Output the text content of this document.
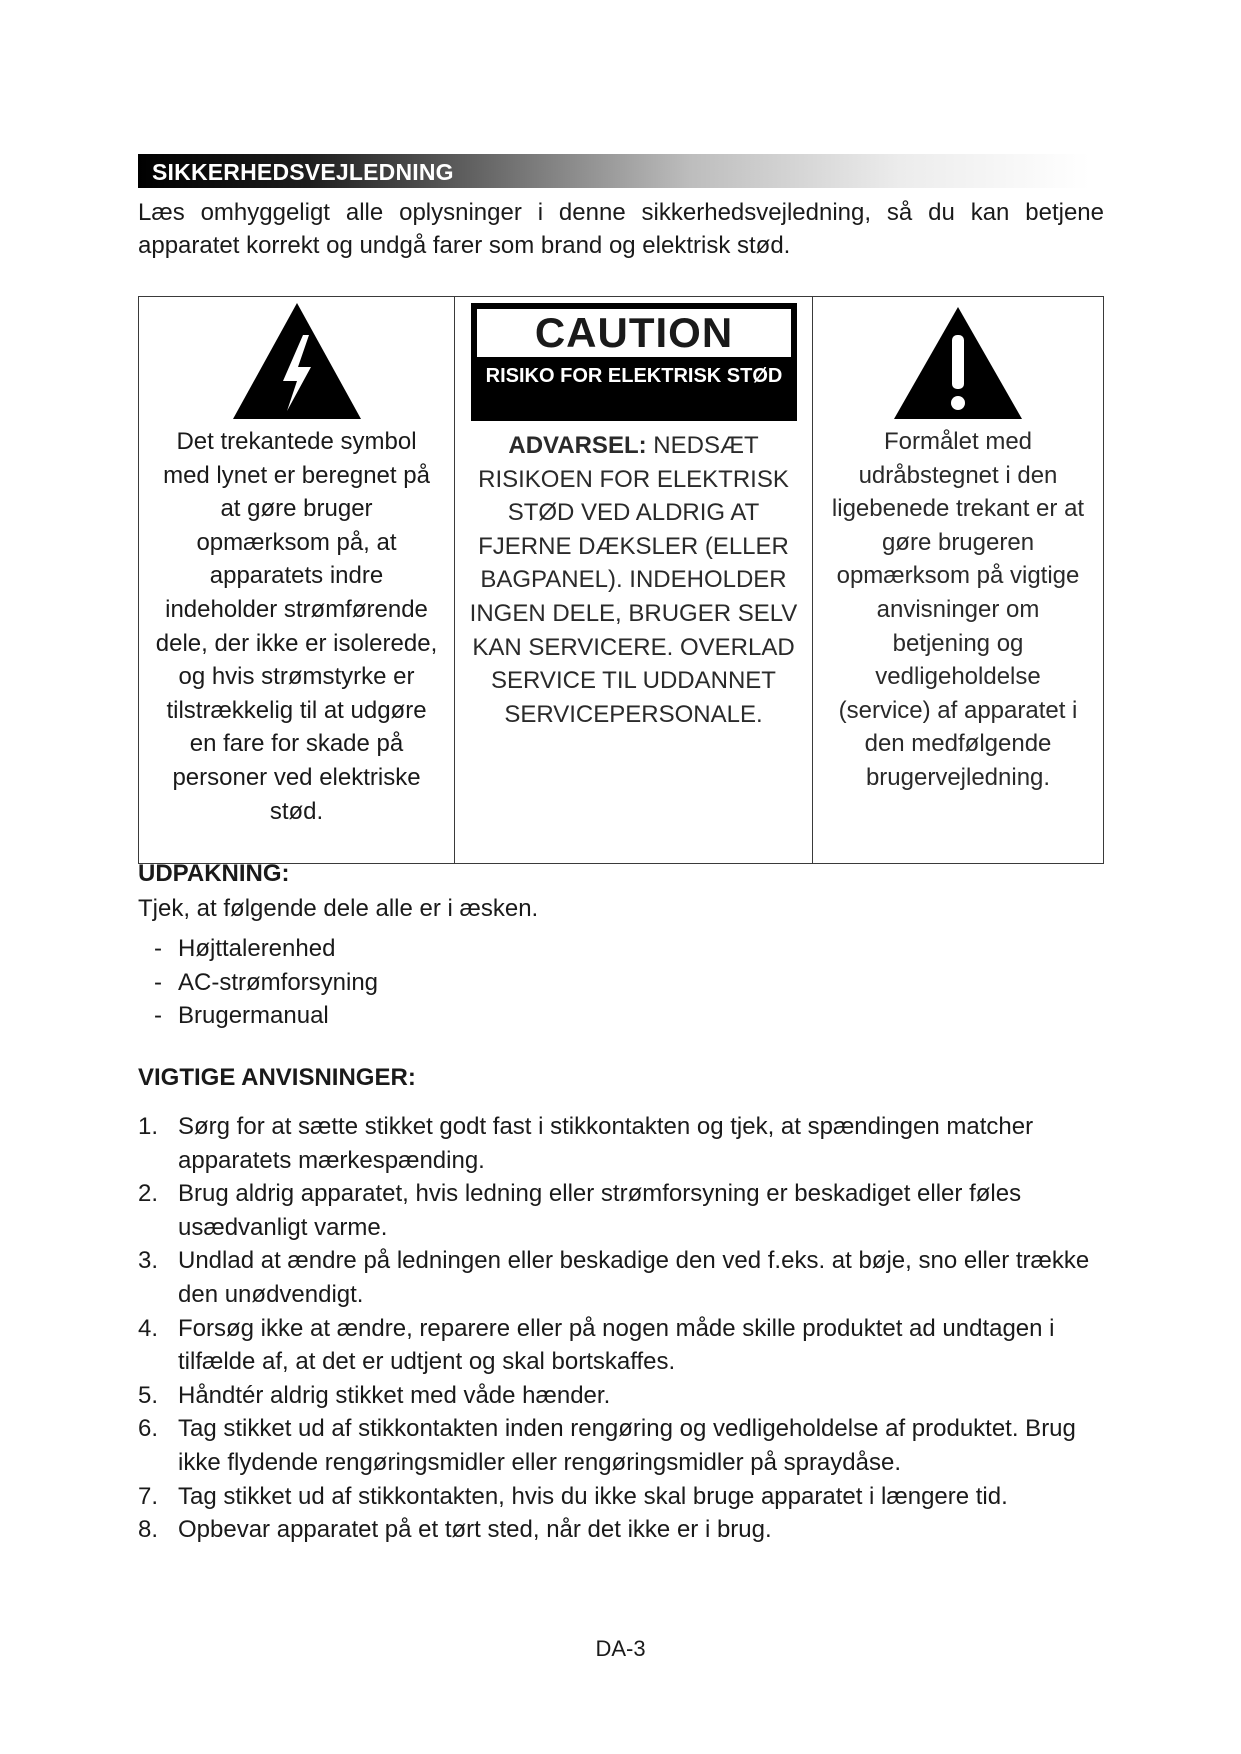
SIKKERHEDSVEJLEDNING
Læs omhyggeligt alle oplysninger i denne sikkerhedsvejledning, så du kan betjene apparatet korrekt og undgå farer som brand og elektrisk stød.
Det trekantede symbol med lynet er beregnet på at gøre bruger opmærksom på, at apparatets indre indeholder strømførende dele, der ikke er isolerede, og hvis strømstyrke er tilstrækkelig til at udgøre en fare for skade på personer ved elektriske stød.
CAUTION
RISIKO FOR ELEKTRISK STØD
ADVARSEL: NEDSÆT RISIKOEN FOR ELEKTRISK STØD VED ALDRIG AT FJERNE DÆKSLER (ELLER BAGPANEL). INDEHOLDER INGEN DELE, BRUGER SELV KAN SERVICERE. OVERLAD SERVICE TIL UDDANNET SERVICEPERSONALE.
Formålet med udråbstegnet i den ligebenede trekant er at gøre brugeren opmærksom på vigtige anvisninger om betjening og vedligeholdelse (service) af apparatet i den medfølgende brugervejledning.
UDPAKNING:
Tjek, at følgende dele alle er i æsken.
- Højttalerenhed
- AC-strømforsyning
- Brugermanual
VIGTIGE ANVISNINGER:
1. Sørg for at sætte stikket godt fast i stikkontakten og tjek, at spændingen matcher apparatets mærkespænding.
2. Brug aldrig apparatet, hvis ledning eller strømforsyning er beskadiget eller føles usædvanligt varme.
3. Undlad at ændre på ledningen eller beskadige den ved f.eks. at bøje, sno eller trække den unødvendigt.
4. Forsøg ikke at ændre, reparere eller på nogen måde skille produktet ad undtagen i tilfælde af, at det er udtjent og skal bortskaffes.
5. Håndtér aldrig stikket med våde hænder.
6. Tag stikket ud af stikkontakten inden rengøring og vedligeholdelse af produktet. Brug ikke flydende rengøringsmidler eller rengøringsmidler på spraydåse.
7. Tag stikket ud af stikkontakten, hvis du ikke skal bruge apparatet i længere tid.
8. Opbevar apparatet på et tørt sted, når det ikke er i brug.
DA-3
